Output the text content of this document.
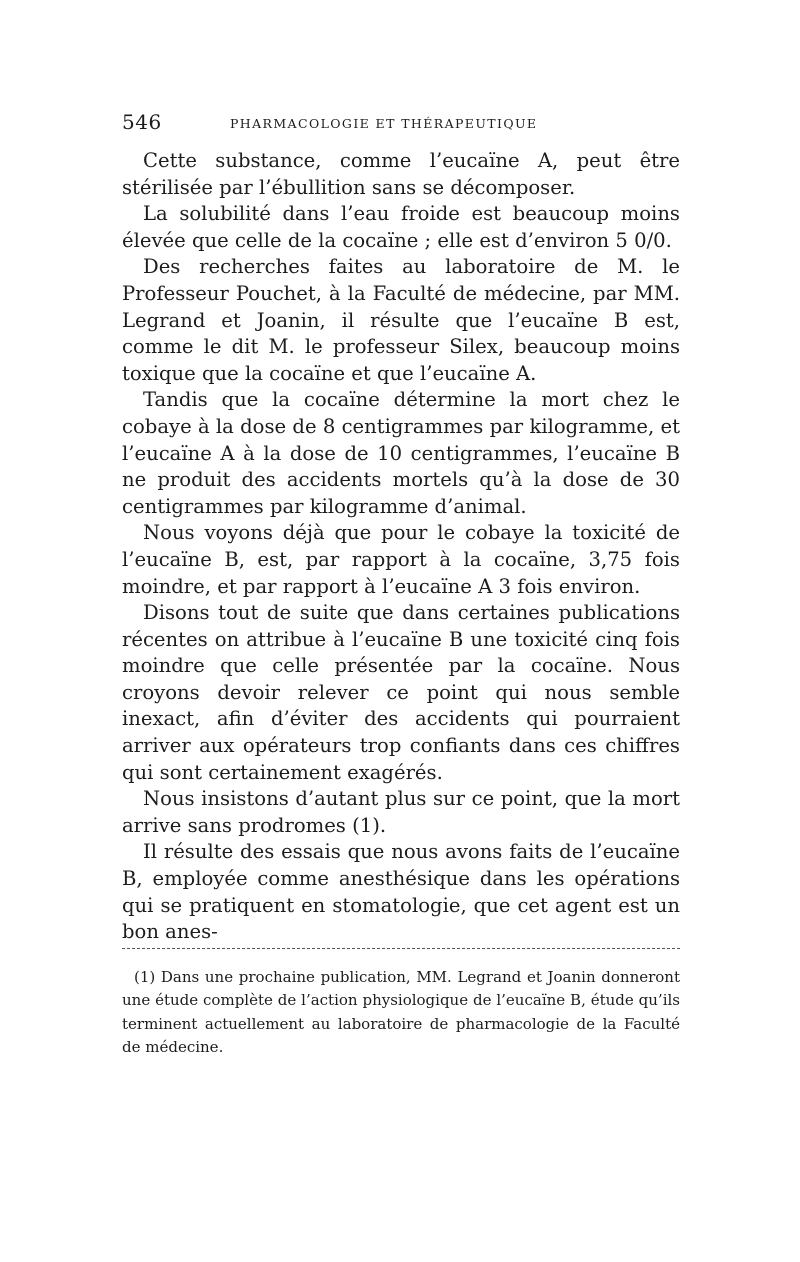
546	PHARMACOLOGIE ET THÉRAPEUTIQUE

Cette substance, comme l’eucaïne A, peut être stérilisée par l’ébullition sans se décomposer.

La solubilité dans l’eau froide est beaucoup moins élevée que celle de la cocaïne ; elle est d’environ 5 0/0.

Des recherches faites au laboratoire de M. le Professeur Pouchet, à la Faculté de médecine, par MM. Legrand et Joanin, il résulte que l’eucaïne B est, comme le dit M. le professeur Silex, beaucoup moins toxique que la cocaïne et que l’eucaïne A.

Tandis que la cocaïne détermine la mort chez le cobaye à la dose de 8 centigrammes par kilogramme, et l’eucaïne A à la dose de 10 centigrammes, l’eucaïne B ne produit des accidents mortels qu’à la dose de 30 centigrammes par kilogramme d’animal.

Nous voyons déjà que pour le cobaye la toxicité de l’eucaïne B, est, par rapport à la cocaïne, 3,75 fois moindre, et par rapport à l’eucaïne A 3 fois environ.

Disons tout de suite que dans certaines publications récentes on attribue à l’eucaïne B une toxicité cinq fois moindre que celle présentée par la cocaïne. Nous croyons devoir relever ce point qui nous semble inexact, afin d’éviter des accidents qui pourraient arriver aux opérateurs trop confiants dans ces chiffres qui sont certainement exagérés.

Nous insistons d’autant plus sur ce point, que la mort arrive sans prodromes (1).

Il résulte des essais que nous avons faits de l’eucaïne B, employée comme anesthésique dans les opérations qui se pratiquent en stomatologie, que cet agent est un bon anes-

(1) Dans une prochaine publication, MM. Legrand et Joanin donneront une étude complète de l’action physiologique de l’eucaïne B, étude qu’ils terminent actuellement au laboratoire de pharmacologie de la Faculté de médecine.
